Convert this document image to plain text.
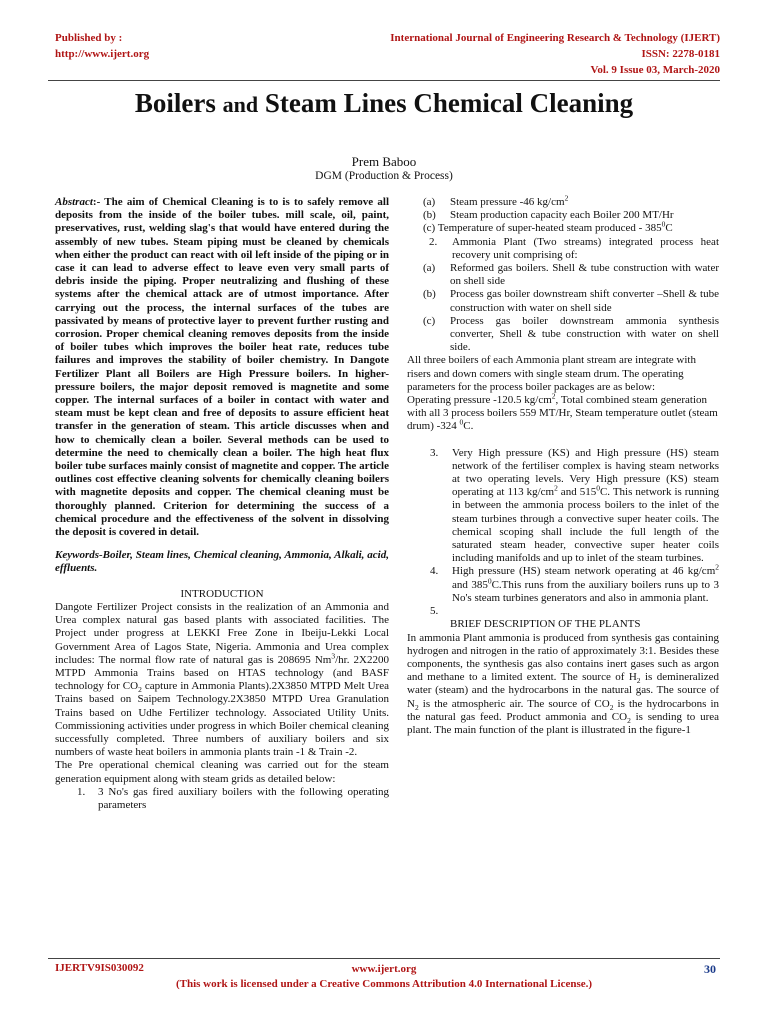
Published by :
http://www.ijert.org
International Journal of Engineering Research & Technology (IJERT)
ISSN: 2278-0181
Vol. 9 Issue 03, March-2020
Boilers and Steam Lines Chemical Cleaning
Prem Baboo
DGM (Production & Process)

Abstract:- The aim of Chemical Cleaning is to is to safely remove all deposits from the inside of the boiler tubes. mill scale, oil, paint, preservatives, rust, welding slag's that would have entered during the assembly of new tubes. Steam piping must be cleaned by chemicals when either the product can react with oil left inside of the piping or in case it can lead to adverse effect to leave even very small parts of debris inside the piping. Proper neutralizing and flushing of these systems after the chemical attack are of utmost importance. After carrying out the process, the internal surfaces of the tubes are passivated by means of protective layer to prevent further rusting and corrosion. Proper chemical cleaning removes deposits from the inside of boiler tubes which improves the boiler heat rate, reduces tube failures and improves the stability of boiler chemistry. In Dangote Fertilizer Plant all Boilers are High Pressure boilers. In higher-pressure boilers, the major deposit removed is magnetite and some copper. The internal surfaces of a boiler in contact with water and steam must be kept clean and free of deposits to assure efficient heat transfer in the generation of steam. This article discusses when and how to chemically clean a boiler. Several methods can be used to determine the need to chemically clean a boiler. The high heat flux boiler tube surfaces mainly consist of magnetite and copper. The article outlines cost effective cleaning solvents for chemically cleaning boilers with magnetite deposits and copper. The chemical cleaning must be thoroughly planned. Criterion for determining the success of a chemical procedure and the effectiveness of the solvent in dissolving the deposit is covered in detail.

Keywords-Boiler, Steam lines, Chemical cleaning, Ammonia, Alkali, acid, effluents.

INTRODUCTION

Dangote Fertilizer Project consists in the realization of an Ammonia and Urea complex natural gas based plants with associated facilities. The Project under progress at LEKKI Free Zone in Ibeiju-Lekki Local Government Area of Lagos State, Nigeria. Ammonia and Urea complex includes: The normal flow rate of natural gas is 208695 Nm$^3$/hr. 2X2200 MTPD Ammonia Trains based on HTAS technology (and BASF technology for $CO_2$ capture in Ammonia Plants).2X3850 MTPD Melt Urea Trains based on Saipem Technology.2X3850 MTPD Urea Granulation Trains based on Udhe Fertilizer technology. Associated Utility Units. Commissioning activities under progress in which Boiler chemical cleaning successfully completed. Three numbers of auxiliary boilers and six numbers of waste heat boilers in ammonia plants train -1 & Train -2.

The Pre operational chemical cleaning was carried out for the steam generation equipment along with steam grids as detailed below:

1. 3 No's gas fired auxiliary boilers with the following operating parameters
(a) Steam pressure -46 $kg/cm^2$
(b) Steam production capacity each Boiler 200 MT/Hr
(c) Temperature of super-heated steam produced - $385^0C$
2. Ammonia Plant (Two streams) integrated process heat recovery unit comprising of:
(a) Reformed gas boilers. Shell & tube construction with water on shell side
(b) Process gas boiler downstream shift converter –Shell & tube construction with water on shell side
(c) Process gas boiler downstream ammonia synthesis converter, Shell & tube construction with water on shell side.

All three boilers of each Ammonia plant stream are integrate with risers and down comers with single steam drum. The operating parameters for the process boiler packages are as below:

Operating pressure -120.5 $kg/cm^2$, Total combined steam generation with all 3 process boilers 559 MT/Hr, Steam temperature outlet (steam drum) -324 $^0$C.

3. Very High pressure (KS) and High pressure (HS) steam network of the fertiliser complex is having steam networks at two operating levels. Very High pressure (KS) steam operating at 113 $kg/cm^2$ and $515^0C$. This network is running in between the ammonia process boilers to the inlet of the steam turbines through a convective super heater coils. The chemical scoping shall include the full length of the saturated steam header, convective super heater coils including manifolds and up to inlet of the steam turbines.
4. High pressure (HS) steam network operating at 46 $kg/cm^2$ and $385^0C.This$ runs from the auxiliary boilers runs up to 3 No's steam turbines generators and also in ammonia plant.
5.

BRIEF DESCRIPTION OF THE PLANTS

In ammonia Plant ammonia is produced from synthesis gas containing hydrogen and nitrogen in the ratio of approximately 3:1. Besides these components, the synthesis gas also contains inert gases such as argon and methane to a limited extent. The source of $H_2$ is demineralized water (steam) and the hydrocarbons in the natural gas. The source of $N_2$ is the atmospheric air. The source of $CO_2$ is the hydrocarbons in the natural gas feed. Product ammonia and $CO_2$ is sending to urea plant. The main function of the plant is illustrated in the figure-1

IJERTV9IS030092	www.ijert.org
(This work is licensed under a Creative Commons Attribution 4.0 International License.)
30
